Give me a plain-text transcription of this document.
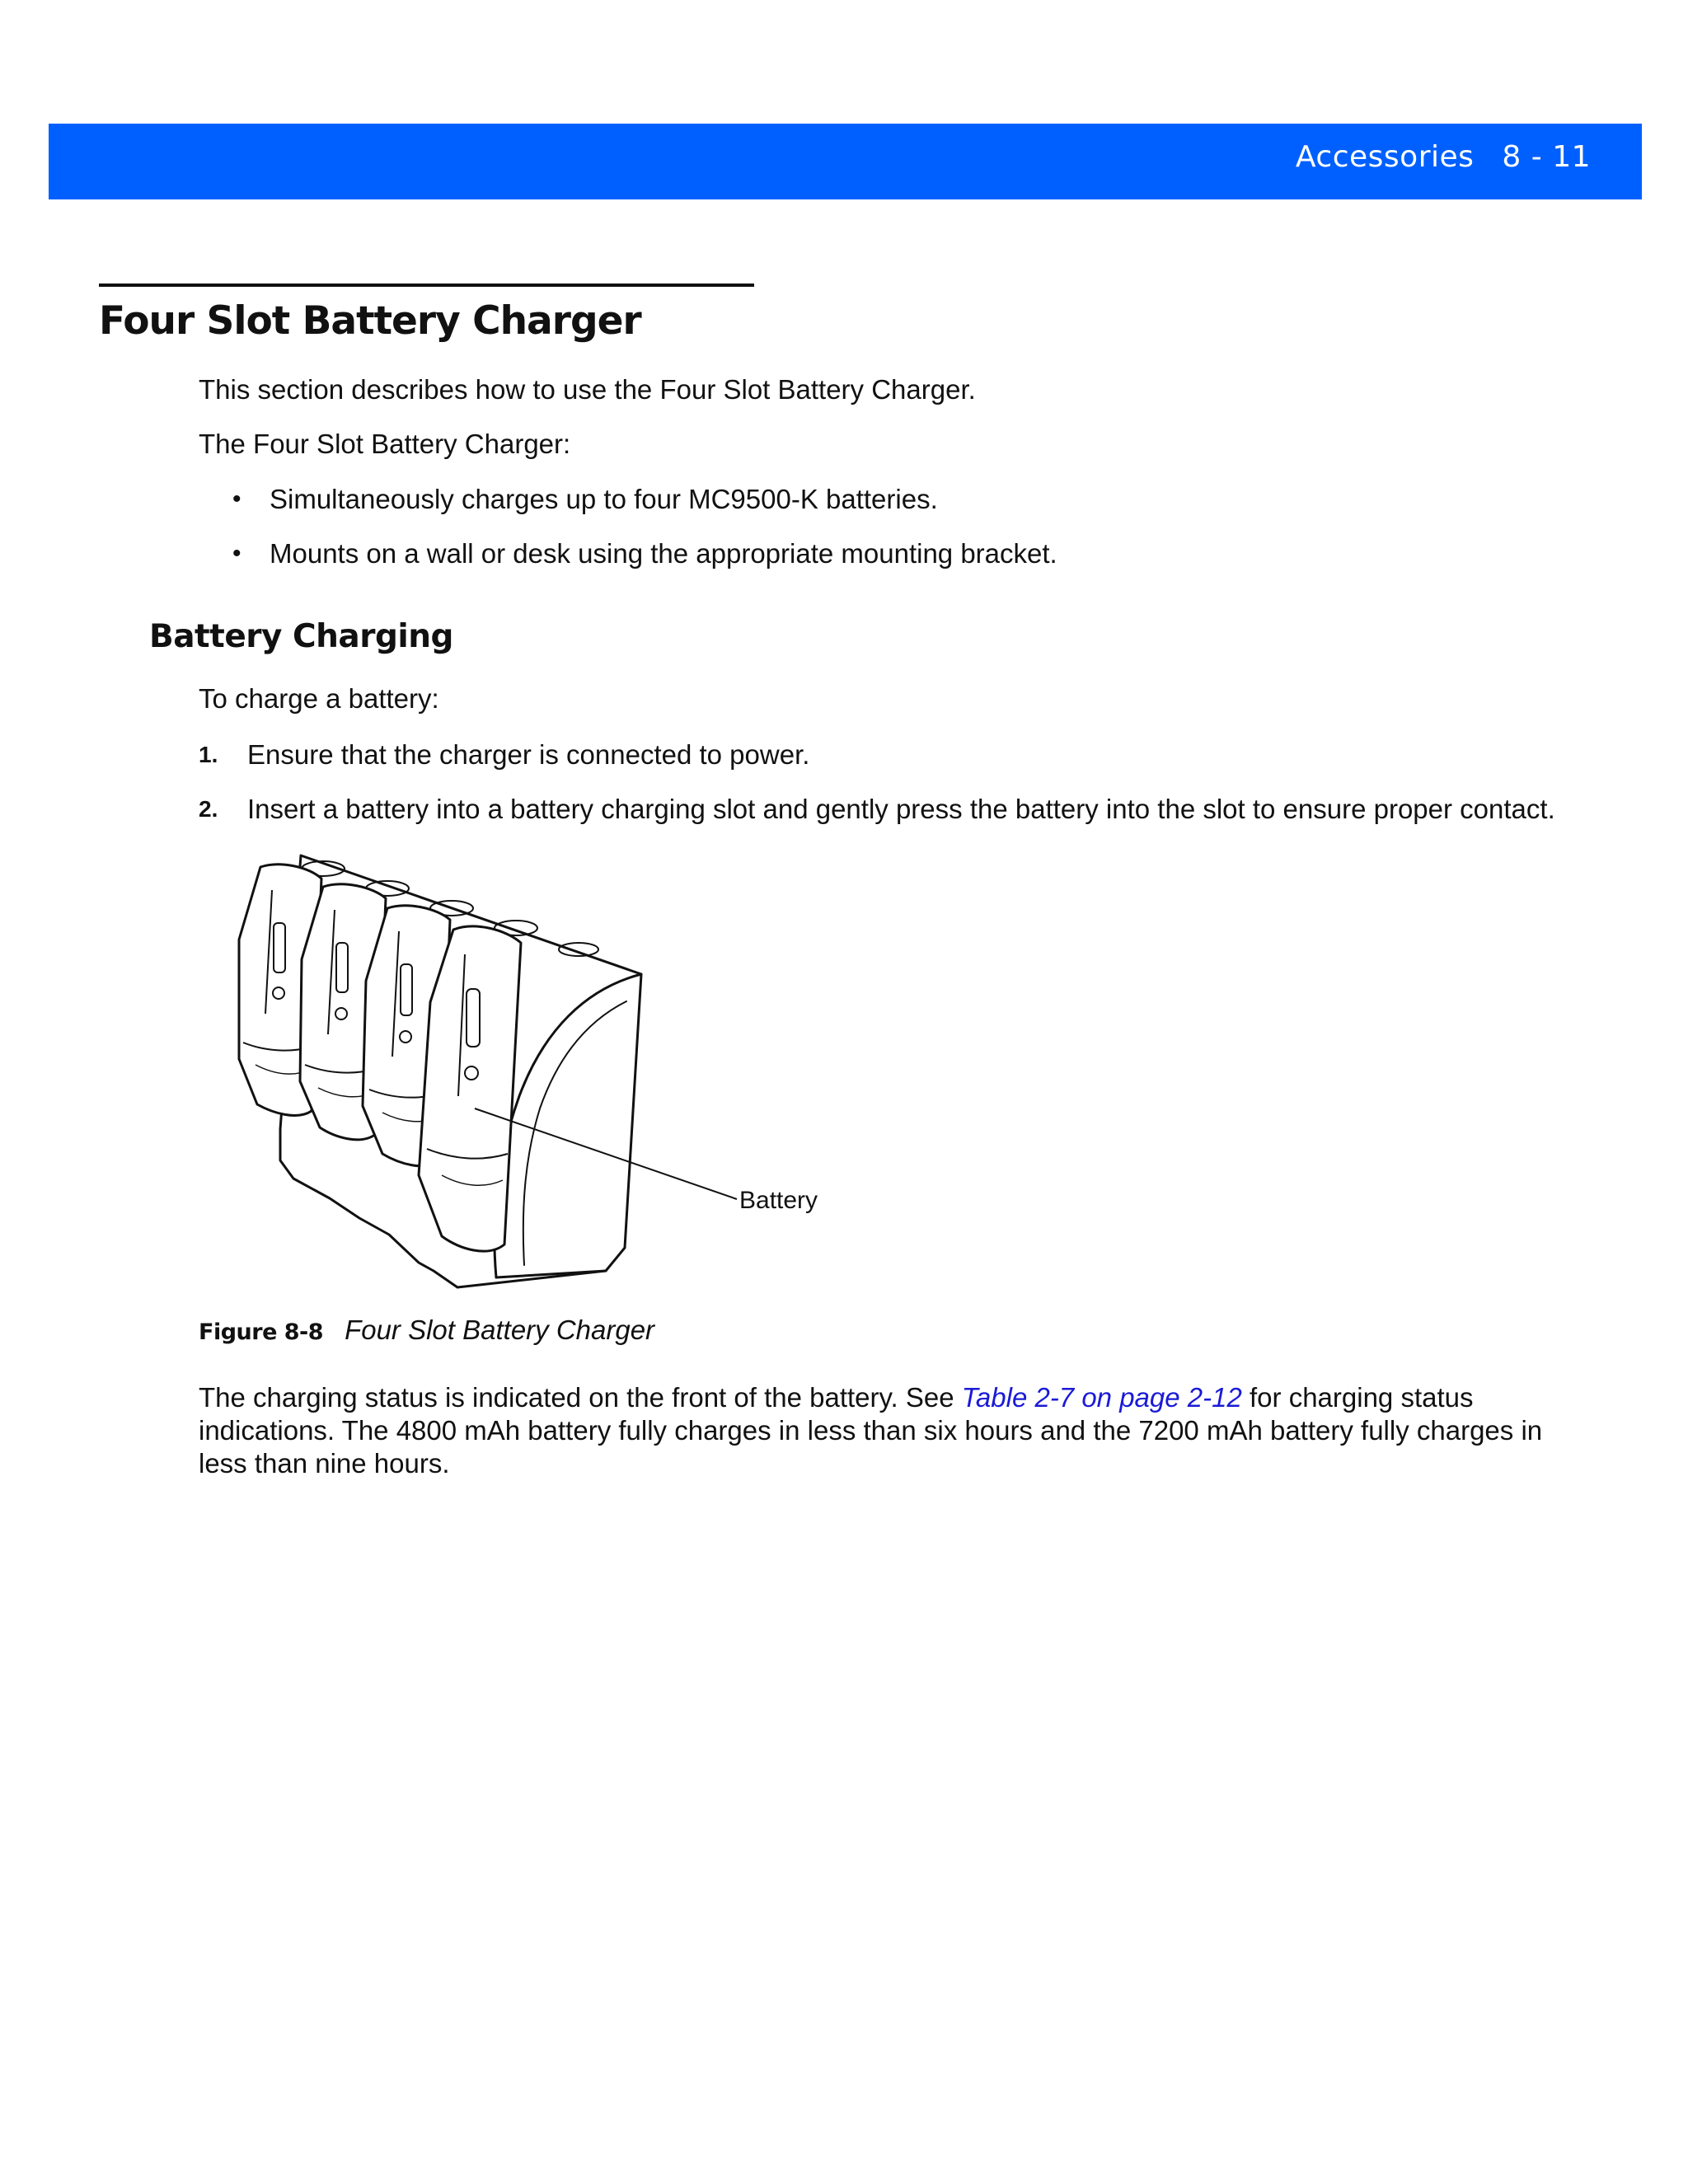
Accessories 8 - 11
Four Slot Battery Charger

This section describes how to use the Four Slot Battery Charger.

The Four Slot Battery Charger:

• Simultaneously charges up to four MC9500-K batteries.
• Mounts on a wall or desk using the appropriate mounting bracket.
Battery Charging

To charge a battery:

1. Ensure that the charger is connected to power.
2. Insert a battery into a battery charging slot and gently press the battery into the slot to ensure proper contact.
Battery
Figure 8-8 Four Slot Battery Charger

The charging status is indicated on the front of the battery. See Table 2-7 on page 2-12 for charging status indications. The 4800 mAh battery fully charges in less than six hours and the 7200 mAh battery fully charges in less than nine hours.
